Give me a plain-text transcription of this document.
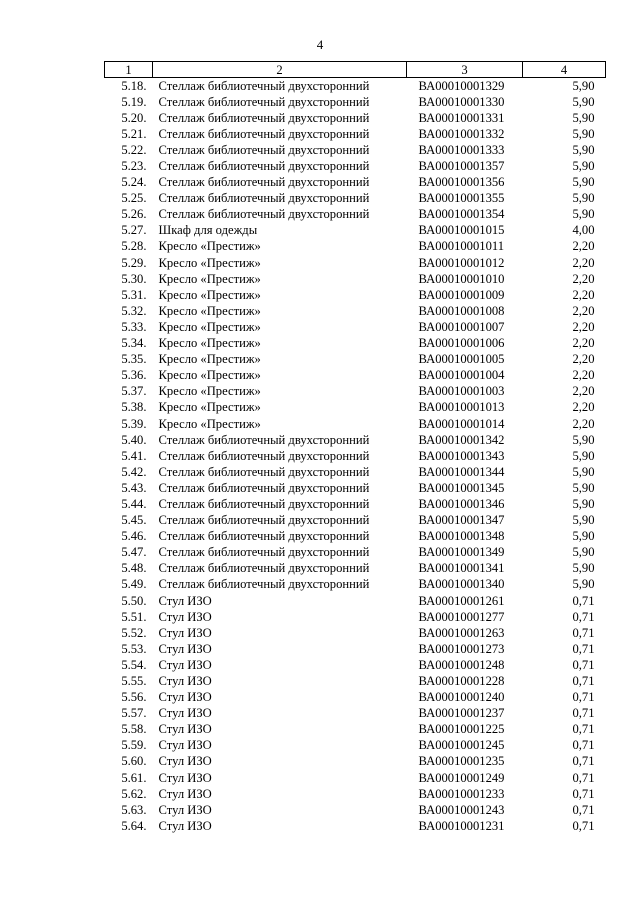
4
1	2	3	4
5.18.	Стеллаж библиотечный двухсторонний	ВА00010001329	5,90
5.19.	Стеллаж библиотечный двухсторонний	ВА00010001330	5,90
5.20.	Стеллаж библиотечный двухсторонний	ВА00010001331	5,90
5.21.	Стеллаж библиотечный двухсторонний	ВА00010001332	5,90
5.22.	Стеллаж библиотечный двухсторонний	ВА00010001333	5,90
5.23.	Стеллаж библиотечный двухсторонний	ВА00010001357	5,90
5.24.	Стеллаж библиотечный двухсторонний	ВА00010001356	5,90
5.25.	Стеллаж библиотечный двухсторонний	ВА00010001355	5,90
5.26.	Стеллаж библиотечный двухсторонний	ВА00010001354	5,90
5.27.	Шкаф для одежды	ВА00010001015	4,00
5.28.	Кресло «Престиж»	ВА00010001011	2,20
5.29.	Кресло «Престиж»	ВА00010001012	2,20
5.30.	Кресло «Престиж»	ВА00010001010	2,20
5.31.	Кресло «Престиж»	ВА00010001009	2,20
5.32.	Кресло «Престиж»	ВА00010001008	2,20
5.33.	Кресло «Престиж»	ВА00010001007	2,20
5.34.	Кресло «Престиж»	ВА00010001006	2,20
5.35.	Кресло «Престиж»	ВА00010001005	2,20
5.36.	Кресло «Престиж»	ВА00010001004	2,20
5.37.	Кресло «Престиж»	ВА00010001003	2,20
5.38.	Кресло «Престиж»	ВА00010001013	2,20
5.39.	Кресло «Престиж»	ВА00010001014	2,20
5.40.	Стеллаж библиотечный двухсторонний	ВА00010001342	5,90
5.41.	Стеллаж библиотечный двухсторонний	ВА00010001343	5,90
5.42.	Стеллаж библиотечный двухсторонний	ВА00010001344	5,90
5.43.	Стеллаж библиотечный двухсторонний	ВА00010001345	5,90
5.44.	Стеллаж библиотечный двухсторонний	ВА00010001346	5,90
5.45.	Стеллаж библиотечный двухсторонний	ВА00010001347	5,90
5.46.	Стеллаж библиотечный двухсторонний	ВА00010001348	5,90
5.47.	Стеллаж библиотечный двухсторонний	ВА00010001349	5,90
5.48.	Стеллаж библиотечный двухсторонний	ВА00010001341	5,90
5.49.	Стеллаж библиотечный двухсторонний	ВА00010001340	5,90
5.50.	Стул ИЗО	ВА00010001261	0,71
5.51.	Стул ИЗО	ВА00010001277	0,71
5.52.	Стул ИЗО	ВА00010001263	0,71
5.53.	Стул ИЗО	ВА00010001273	0,71
5.54.	Стул ИЗО	ВА00010001248	0,71
5.55.	Стул ИЗО	ВА00010001228	0,71
5.56.	Стул ИЗО	ВА00010001240	0,71
5.57.	Стул ИЗО	ВА00010001237	0,71
5.58.	Стул ИЗО	ВА00010001225	0,71
5.59.	Стул ИЗО	ВА00010001245	0,71
5.60.	Стул ИЗО	ВА00010001235	0,71
5.61.	Стул ИЗО	ВА00010001249	0,71
5.62.	Стул ИЗО	ВА00010001233	0,71
5.63.	Стул ИЗО	ВА00010001243	0,71
5.64.	Стул ИЗО	ВА00010001231	0,71
